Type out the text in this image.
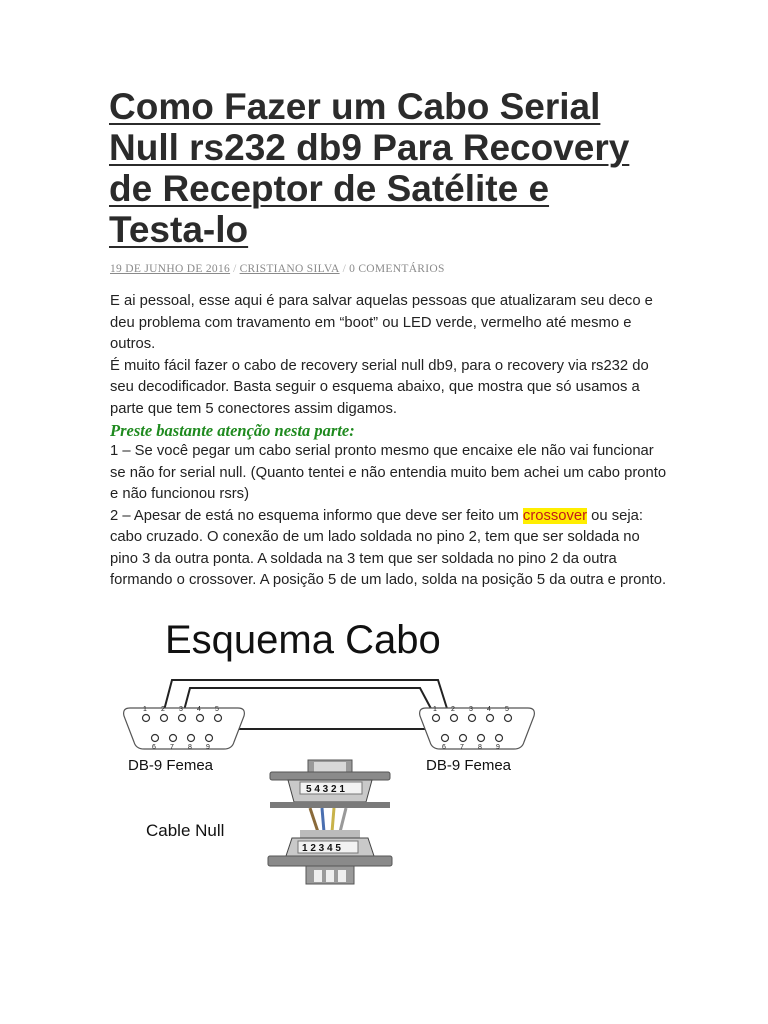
Como Fazer um Cabo Serial
Null rs232 db9 Para Recovery
de Receptor de Satélite e
Testa-lo
19 DE JUNHO DE 2016 / CRISTIANO SILVA / 0 COMENTÁRIOS

E ai pessoal, esse aqui é para salvar aquelas pessoas que atualizaram seu deco e deu problema com travamento em “boot” ou LED verde, vermelho até mesmo e outros.

É muito fácil fazer o cabo de recovery serial null db9, para o recovery via rs232 do seu decodificador. Basta seguir o esquema abaixo, que mostra que só usamos a parte que tem 5 conectores assim digamos.

Preste bastante atenção nesta parte:

1 – Se você pegar um cabo serial pronto mesmo que encaixe ele não vai funcionar se não for serial null. (Quanto tentei e não entendia muito bem achei um cabo pronto e não funcionou rsrs)

2 – Apesar de está no esquema informo que deve ser feito um crossover ou seja: cabo cruzado. O conexão de um lado soldada no pino 2, tem que ser soldada no pino 3 da outra ponta. A soldada na 3 tem que ser soldada no pino 2 da outra formando o crossover. A posição 5 de um lado, solda na posição 5 da outra e pronto.

Esquema Cabo
1 2 3 4 5
6 7 8 9
1 2 3 4 5
6 7 8 9
DB-9 Femea	DB-9 Femea
Cable Null
5 4 3 2 1
1 2 3 4 5
